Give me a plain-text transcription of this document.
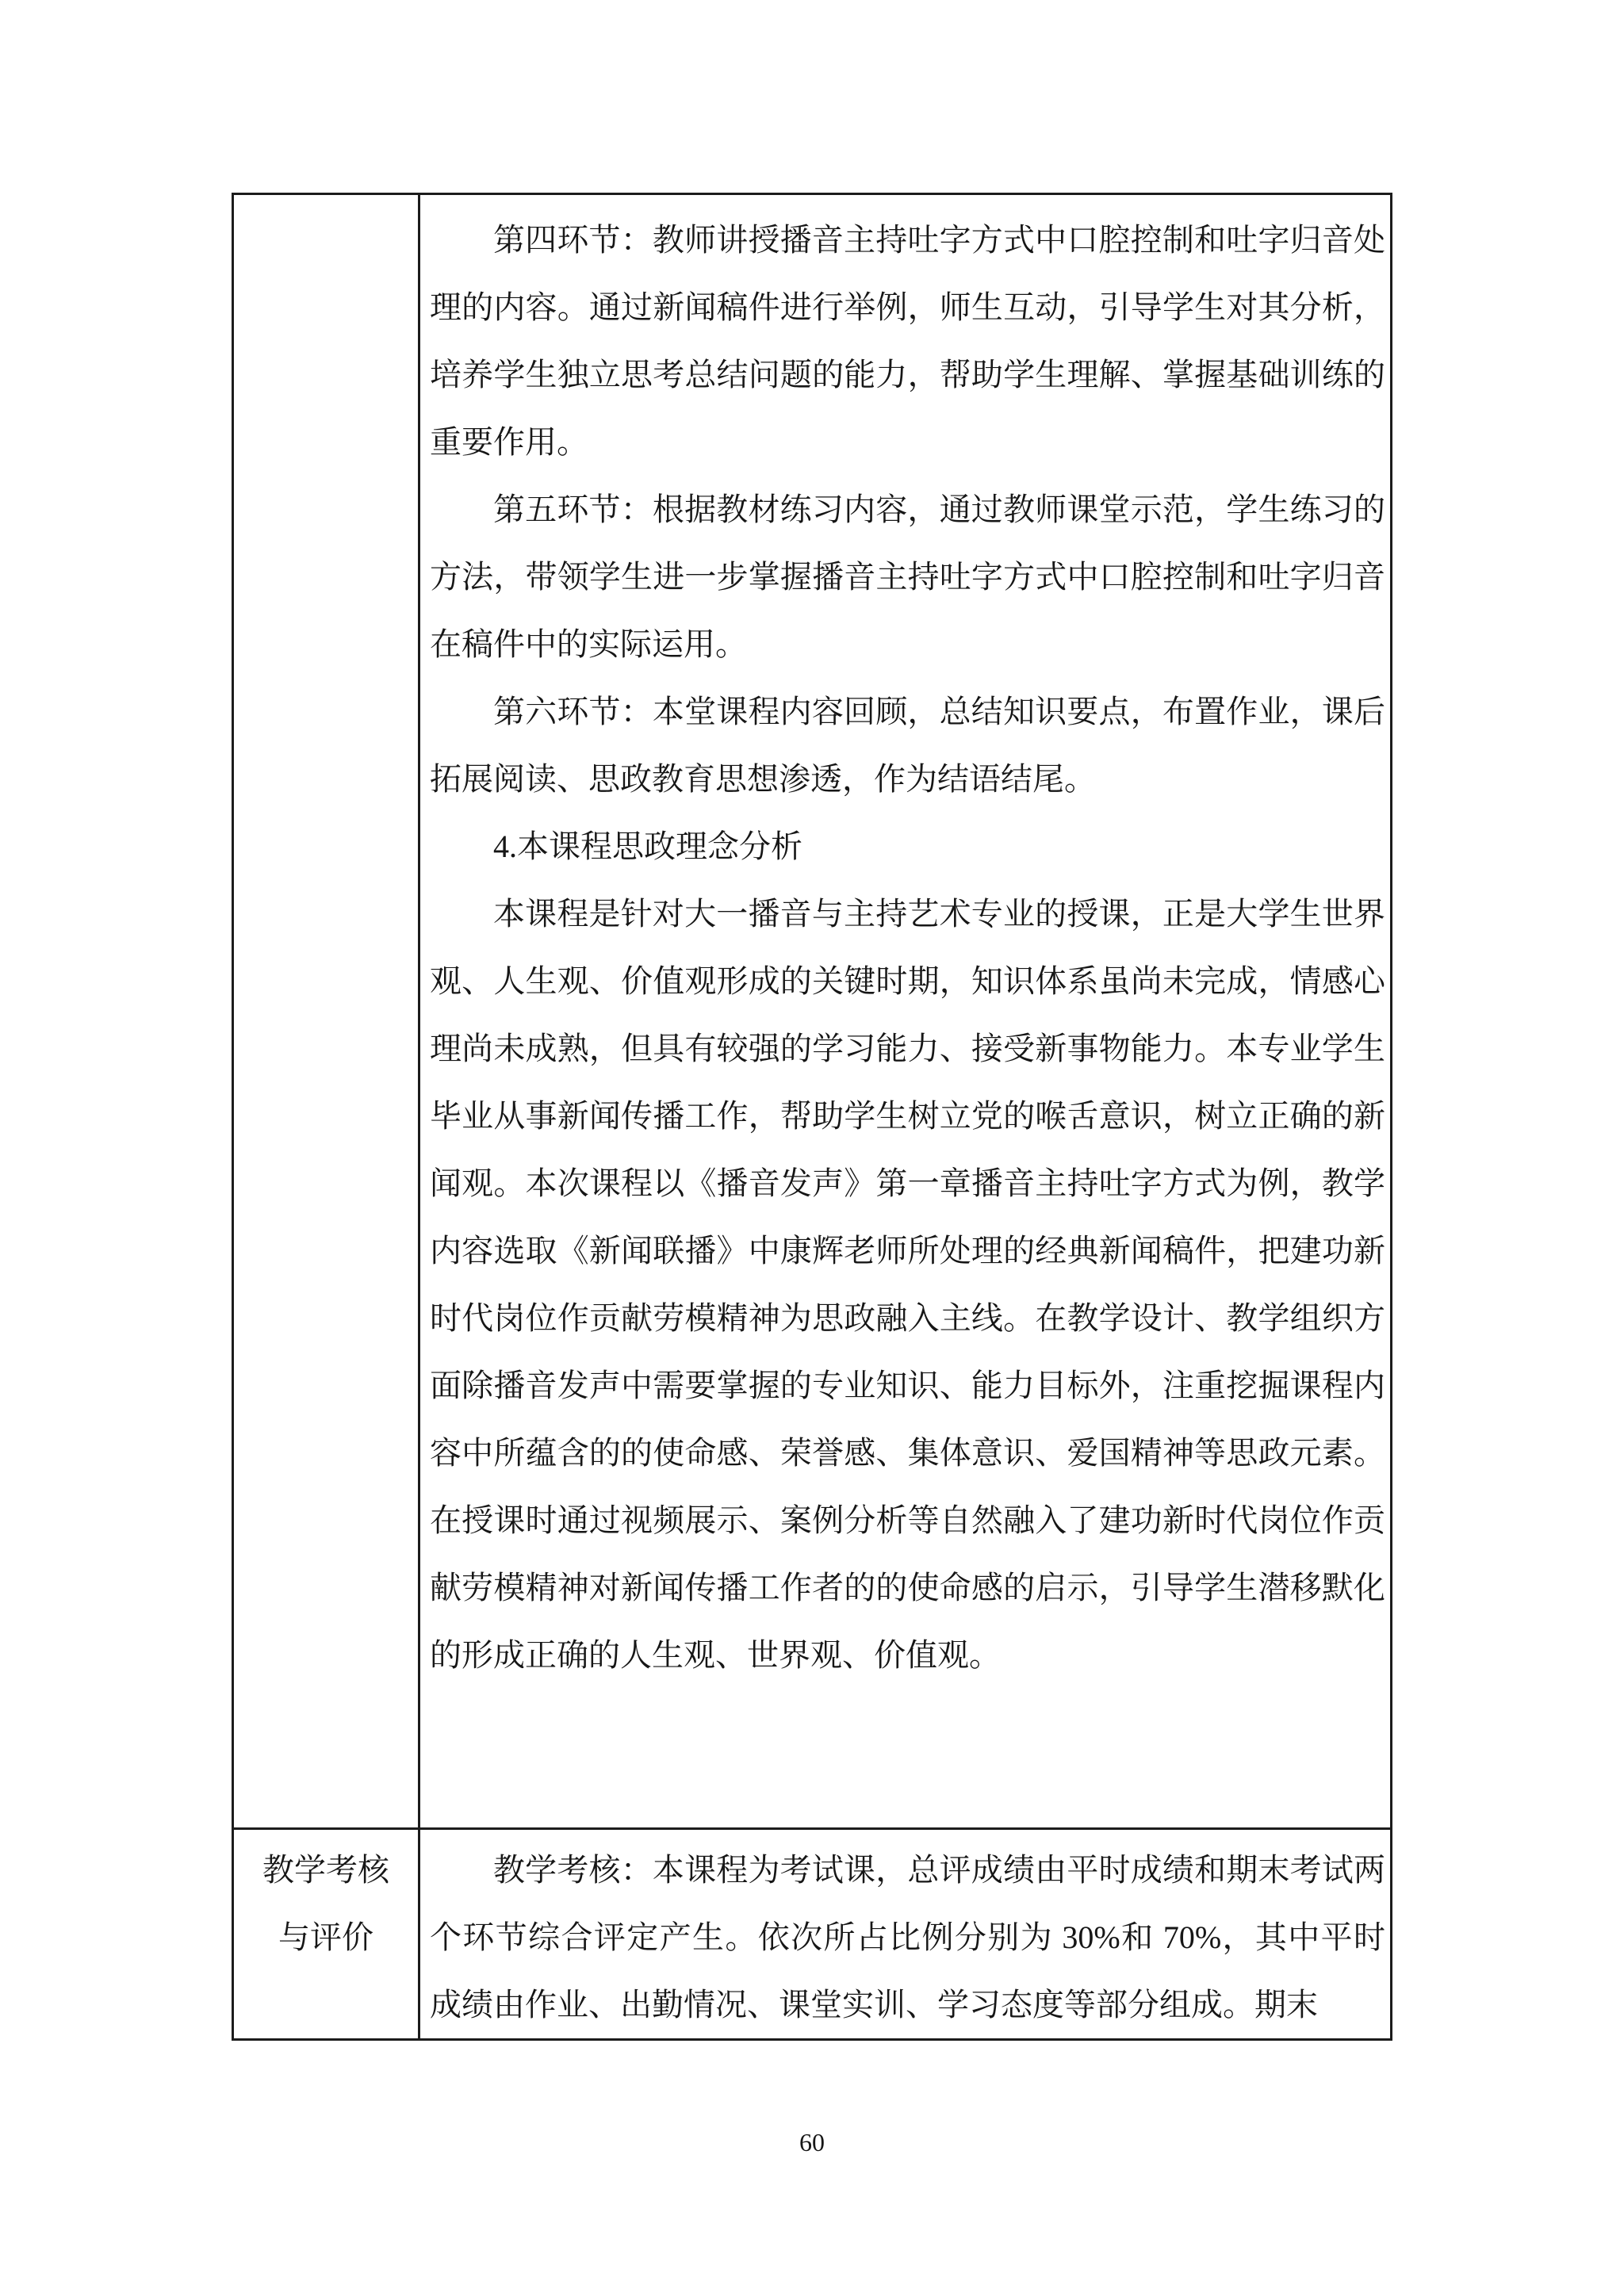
第四环节：教师讲授播音主持吐字方式中口腔控制和吐字归音处理的内容。通过新闻稿件进行举例，师生互动，引导学生对其分析，培养学生独立思考总结问题的能力，帮助学生理解、掌握基础训练的重要作用。

第五环节：根据教材练习内容，通过教师课堂示范，学生练习的方法，带领学生进一步掌握播音主持吐字方式中口腔控制和吐字归音在稿件中的实际运用。

第六环节：本堂课程内容回顾，总结知识要点，布置作业，课后拓展阅读、思政教育思想渗透，作为结语结尾。

4.本课程思政理念分析

本课程是针对大一播音与主持艺术专业的授课，正是大学生世界观、人生观、价值观形成的关键时期，知识体系虽尚未完成，情感心理尚未成熟，但具有较强的学习能力、接受新事物能力。本专业学生毕业从事新闻传播工作，帮助学生树立党的喉舌意识，树立正确的新闻观。本次课程以《播音发声》第一章播音主持吐字方式为例，教学内容选取《新闻联播》中康辉老师所处理的经典新闻稿件，把建功新时代岗位作贡献劳模精神为思政融入主线。在教学设计、教学组织方面除播音发声中需要掌握的专业知识、能力目标外，注重挖掘课程内容中所蕴含的的使命感、荣誉感、集体意识、爱国精神等思政元素。在授课时通过视频展示、案例分析等自然融入了建功新时代岗位作贡献劳模精神对新闻传播工作者的的使命感的启示，引导学生潜移默化的形成正确的人生观、世界观、价值观。

教学考核
与评价

教学考核：本课程为考试课，总评成绩由平时成绩和期末考试两个环节综合评定产生。依次所占比例分别为 30%和 70%，其中平时成绩由作业、出勤情况、课堂实训、学习态度等部分组成。期末

60
